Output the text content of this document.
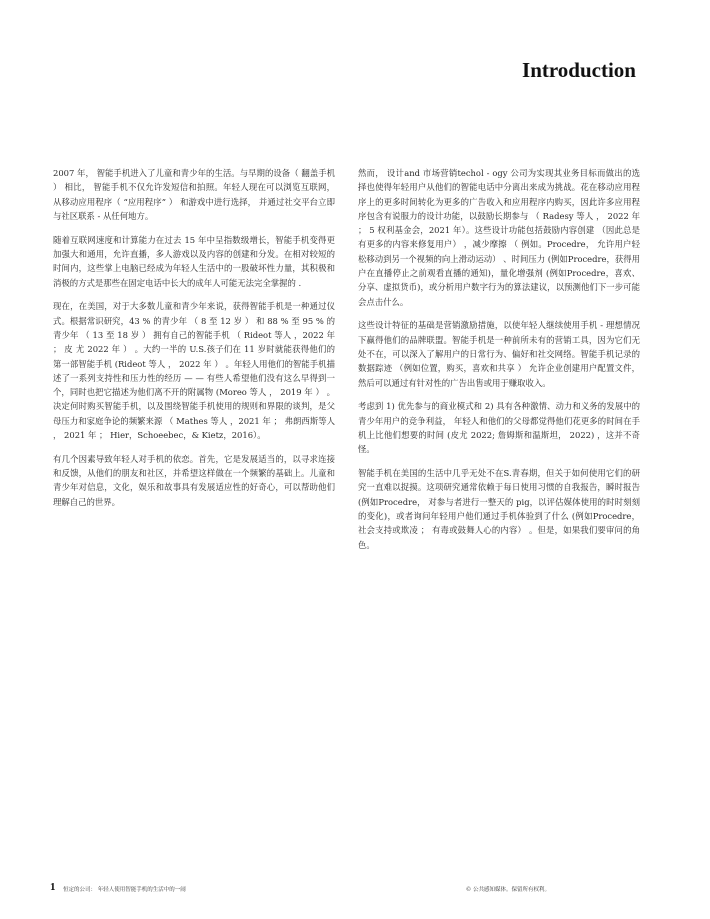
Introduction

2007 年， 智能手机进入了儿童和青少年的生活。与早期的设备（ 翻盖手机 ） 相比， 智能手机不仅允许发短信和拍照。年轻人现在可以浏览互联网， 从移动应用程序（ “应用程序” ） 和游戏中进行选择， 并通过社交平台立即与社区联系 - 从任何地方。

随着互联网速度和计算能力在过去 15 年中呈指数级增长，智能手机变得更加强大和通用，允许直播，多人游戏以及内容的创建和分发。在相对较短的时间内，这些掌上电脑已经成为年轻人生活中的一股破坏性力量，其积极和消极的方式是那些在固定电话中长大的成年人可能无法完全掌握的 .

现在，在美国，对于大多数儿童和青少年来说，获得智能手机是一种通过仪式。根据常识研究，43 % 的青少年 （ 8 至 12 岁 ） 和 88 % 至 95 % 的青少年 （ 13 至 18 岁 ） 拥有自己的智能手机 （ Rideot 等人 ，2022 年 ； 皮 尤 2022 年 ） 。大约一半的 U.S.孩子们在 11 岁时就能获得他们的第一部智能手机 (Rideot 等人 ， 2022 年 ） 。年轻人用他们的智能手机描述了一系列支持性和压力性的经历 — — 有些人希望他们没有这么早得到一个，同时也把它描述为他们离不开的附属物 (Moreo 等人 ， 2019 年 ） 。决定何时购买智能手机，以及围绕智能手机使用的规则和界限的谈判，是父母压力和家庭争论的频繁来源 （ Mathes 等人 ，2021 年 ； 弗朗西斯等人 ， 2021 年 ； Hier，Schoeebec，& Kietz，2016）。

有几个因素导致年轻人对手机的依恋。首先，它是发展适当的，以寻求连接和反馈，从他们的朋友和社区，并希望这样做在一个频繁的基础上。儿童和青少年对信息，文化，娱乐和故事具有发展适应性的好奇心，可以帮助他们理解自己的世界。

然而， 设计and 市场营销techol - ogy 公司为实现其业务目标而做出的选择也使得年轻用户从他们的智能电话中分离出来成为挑战。花在移动应用程序上的更多时间转化为更多的广告收入和应用程序内购买，因此许多应用程序包含有说服力的设计功能，以鼓励长期参与 （ Radesy 等人 ， 2022 年 ； 5 权利基金会，2021 年）。这些设计功能包括鼓励内容创建 （因此总是有更多的内容来修复用户） ，减少摩擦 （ 例如。Procedre， 允许用户轻松移动到另一个视频的向上滑动运动） 、时间压力 (例如Procedre，获得用户在直播停止之前观看直播的通知)，量化增强剂 (例如Procedre，喜欢、分享、虚拟货币)，或分析用户数字行为的算法建议，以预测他们下一步可能会点击什么。

这些设计特征的基础是营销激励措施，以使年轻人继续使用手机 - 理想情况下赢得他们的品牌联盟。智能手机是一种前所未有的营销工具，因为它们无处不在，可以深入了解用户的日常行为、偏好和社交网络。智能手机记录的数据踪迹 （例如位置，购买，喜欢和共享 ） 允许企业创建用户配置文件，然后可以通过有针对性的广告出售或用于赚取收入。

考虑到 1) 优先参与的商业模式和 2) 具有各种激情、动力和义务的发展中的青少年用户的竞争利益， 年轻人和他们的父母都觉得他们花更多的时间在手机上比他们想要的时间 (皮尤 2022; 詹姆斯和温斯坦， 2022) ，这并不奇怪。

智能手机在美国的生活中几乎无处不在S.青春期，但关于如何使用它们的研究一直难以捉摸。这项研究通常依赖于每日使用习惯的自我报告，瞬时报告 (例如Procedre， 对参与者进行一整天的 pig，以评估媒体使用的时时刻刻的变化)，或者询问年轻用户他们通过手机体验到了什么 (例如Procedre，社会支持或欺凌 ； 有毒或鼓舞人心的内容） 。但是，如果我们要审问的角色。

1 恒定的公司： 年轻人使用智能手机的生活中的一闹	© 公共感知媒体。保留所有权利。
